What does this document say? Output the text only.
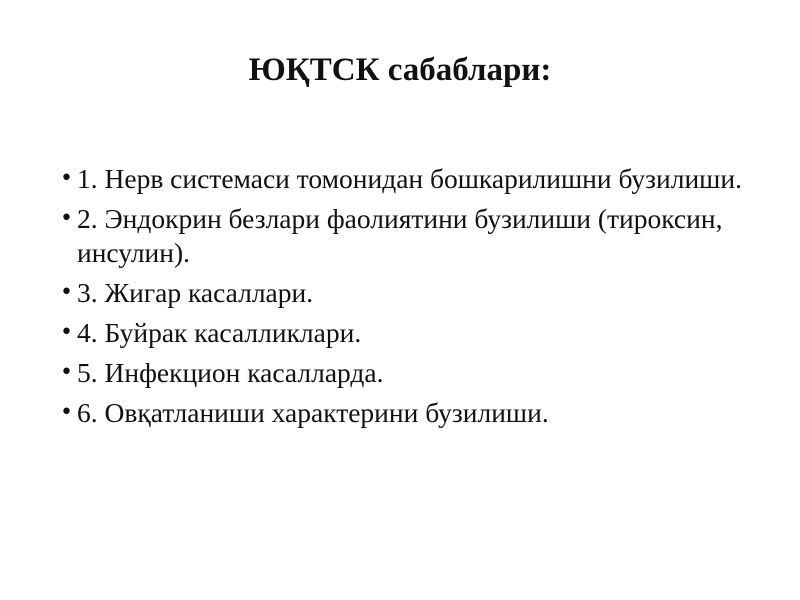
ЮҚТСК сабаблари:
• 1. Нерв системаси томонидан бошкарилишни бузилиши.
• 2. Эндокрин безлари фаолиятини бузилиши (тироксин, инсулин).
• 3. Жигар касаллари.
• 4. Буйрак касалликлари.
• 5. Инфекцион касалларда.
• 6. Овқатланиши характерини бузилиши.
